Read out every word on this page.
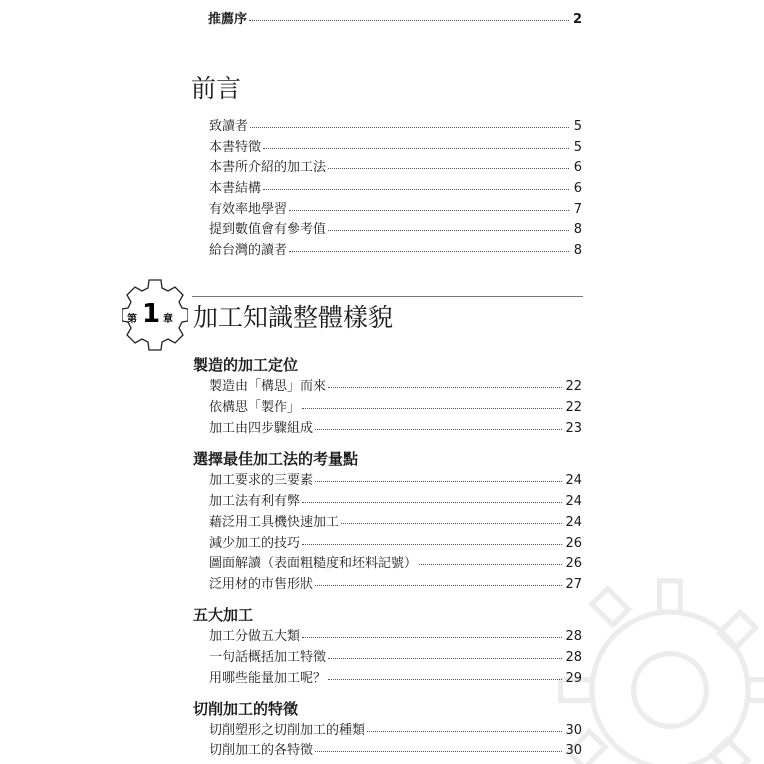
推薦序	2
前言
致讀者	5
本書特徵	5
本書所介紹的加工法	6
本書結構	6
有效率地學習	7
提到數值會有參考值	8
給台灣的讀者	8
第 1 章 加工知識整體樣貌
製造的加工定位
製造由「構思」而來	22
依構思「製作」	22
加工由四步驟組成	23
選擇最佳加工法的考量點
加工要求的三要素	24
加工法有利有弊	24
藉泛用工具機快速加工	24
減少加工的技巧	26
圖面解讀（表面粗糙度和坯料記號）	26
泛用材的市售形狀	27
五大加工
加工分做五大類	28
一句話概括加工特徵	28
用哪些能量加工呢？	29
切削加工的特徵
切削塑形之切削加工的種類	30
切削加工的各特徵	30
